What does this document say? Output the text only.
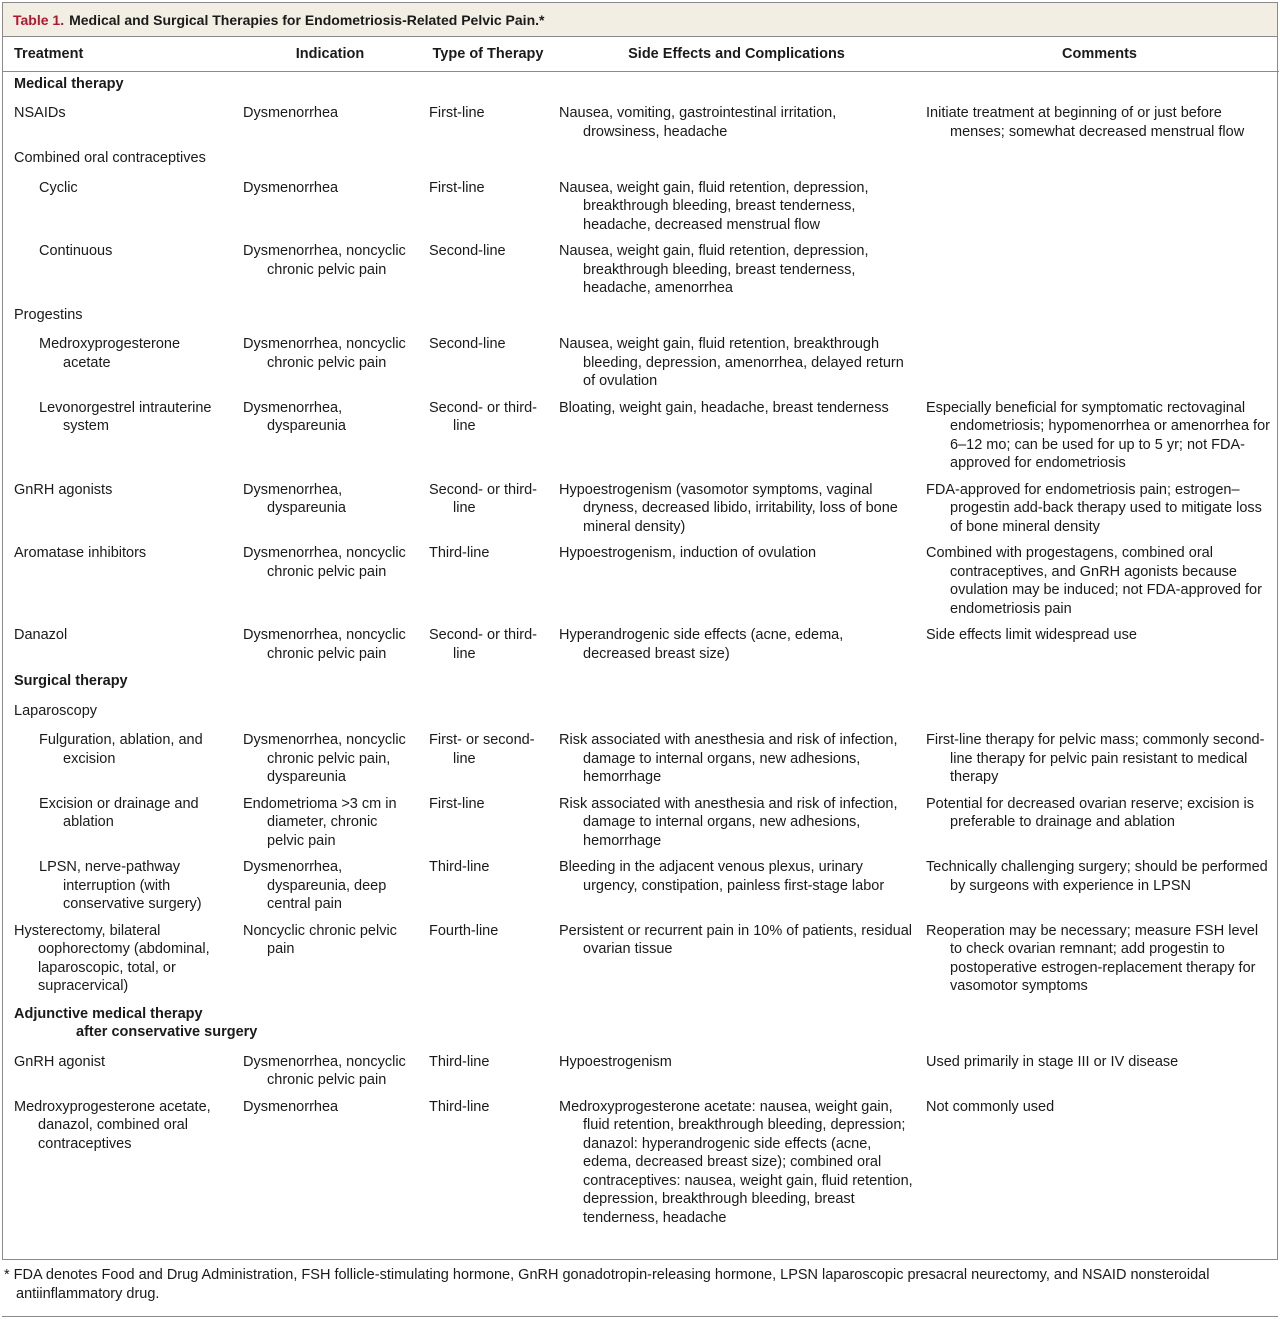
Table 1. Medical and Surgical Therapies for Endometriosis-Related Pelvic Pain.*
Treatment	Indication	Type of Therapy	Side Effects and Complications	Comments
Medical therapy				

NSAIDs	Dysmenorrhea	First-line	Nausea, vomiting, gastrointestinal irritation, drowsiness, headache	Initiate treatment at beginning of or just before menses; somewhat decreased menstrual flow

Combined oral contraceptives				

Cyclic	Dysmenorrhea	First-line	Nausea, weight gain, fluid retention, depression, breakthrough bleeding, breast tenderness, headache, decreased menstrual flow	

Continuous	Dysmenorrhea, noncyclic chronic pelvic pain	Second-line	Nausea, weight gain, fluid retention, depression, breakthrough bleeding, breast tenderness, headache, amenorrhea	

Progestins				

Medroxyprogesterone acetate	Dysmenorrhea, noncyclic chronic pelvic pain	Second-line	Nausea, weight gain, fluid retention, breakthrough bleeding, depression, amenorrhea, delayed return of ovulation	

Levonorgestrel intrauterine system	Dysmenorrhea, dyspareunia	Second- or third-line	Bloating, weight gain, headache, breast tenderness	Especially beneficial for symptomatic rectovaginal endometriosis; hypomenorrhea or amenorrhea for 6–12 mo; can be used for up to 5 yr; not FDA-approved for endometriosis

GnRH agonists	Dysmenorrhea, dyspareunia	Second- or third-line	Hypoestrogenism (vasomotor symptoms, vaginal dryness, decreased libido, irritability, loss of bone mineral density)	FDA-approved for endometriosis pain; estrogen–progestin add-back therapy used to mitigate loss of bone mineral density

Aromatase inhibitors	Dysmenorrhea, noncyclic chronic pelvic pain	Third-line	Hypoestrogenism, induction of ovulation	Combined with progestagens, combined oral contraceptives, and GnRH agonists because ovulation may be induced; not FDA-approved for endometriosis pain

Danazol	Dysmenorrhea, noncyclic chronic pelvic pain	Second- or third-line	Hyperandrogenic side effects (acne, edema, decreased breast size)	Side effects limit widespread use

Surgical therapy				
Laparoscopy				

Fulguration, ablation, and excision	Dysmenorrhea, noncyclic chronic pelvic pain, dyspareunia	First- or second-line	Risk associated with anesthesia and risk of infection, damage to internal organs, new adhesions, hemorrhage	First-line therapy for pelvic mass; commonly second-line therapy for pelvic pain resistant to medical therapy

Excision or drainage and ablation	Endometrioma >3 cm in diameter, chronic pelvic pain	First-line	Risk associated with anesthesia and risk of infection, damage to internal organs, new adhesions, hemorrhage	Potential for decreased ovarian reserve; excision is preferable to drainage and ablation

LPSN, nerve-pathway interruption (with conservative surgery)	Dysmenorrhea, dyspareunia, deep central pain	Third-line	Bleeding in the adjacent venous plexus, urinary urgency, constipation, painless first-stage labor	Technically challenging surgery; should be performed by surgeons with experience in LPSN

Hysterectomy, bilateral oophorectomy (abdominal, laparoscopic, total, or supracervical)	Noncyclic chronic pelvic pain	Fourth-line	Persistent or recurrent pain in 10% of patients, residual ovarian tissue	Reoperation may be necessary; measure FSH level to check ovarian remnant; add progestin to postoperative estrogen-replacement therapy for vasomotor symptoms

Adjunctive medical therapy
after conservative surgery				

GnRH agonist	Dysmenorrhea, noncyclic chronic pelvic pain	Third-line	Hypoestrogenism	Used primarily in stage III or IV disease

Medroxyprogesterone acetate, danazol, combined oral contraceptives	Dysmenorrhea	Third-line	Medroxyprogesterone acetate: nausea, weight gain, fluid retention, breakthrough bleeding, depression; danazol: hyperandrogenic side effects (acne, edema, decreased breast size); combined oral contraceptives: nausea, weight gain, fluid retention, depression, breakthrough bleeding, breast tenderness, headache	Not commonly used
* FDA denotes Food and Drug Administration, FSH follicle-stimulating hormone, GnRH gonadotropin-releasing hormone, LPSN laparoscopic presacral neurectomy, and NSAID nonsteroidal antiinflammatory drug.
